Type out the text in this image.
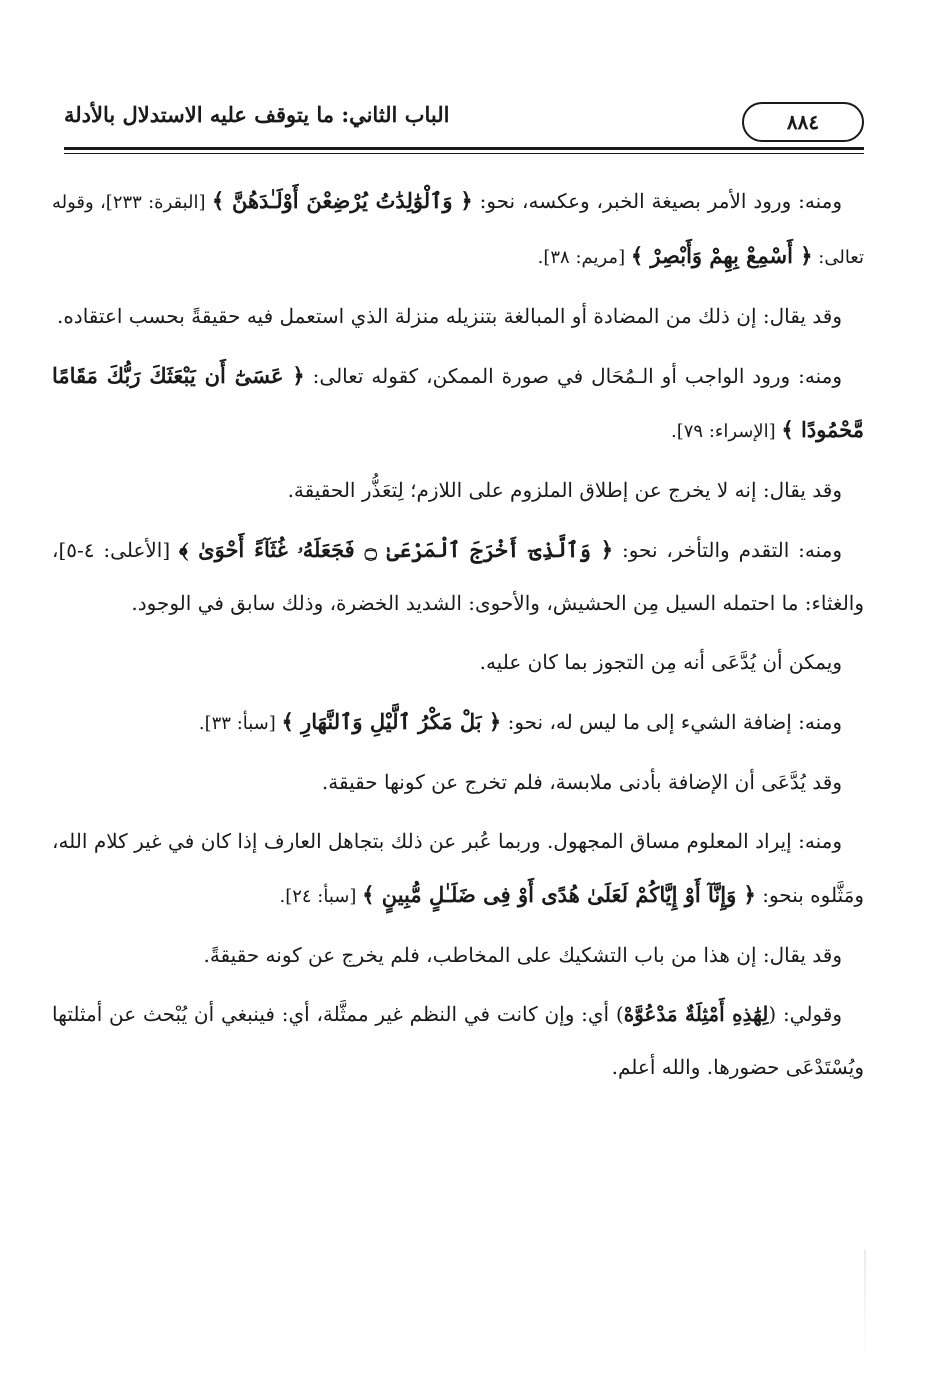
٨٨٤
الباب الثاني: ما يتوقف عليه الاستدلال بالأدلة

ومنه: ورود الأمر بصيغة الخبر، وعكسه، نحو: ﴿ وَٱلْوَٰلِدَٰتُ يُرْضِعْنَ أَوْلَـٰدَهُنَّ ﴾ [البقرة: ٢٣٣]، وقوله تعالى: ﴿ أَسْمِعْ بِهِمْ وَأَبْصِرْ ﴾ [مريم: ٣٨].

وقد يقال: إن ذلك من المضادة أو المبالغة بتنزيله منزلة الذي استعمل فيه حقيقةً بحسب اعتقاده.

ومنه: ورود الواجب أو الـمُحَال في صورة الممكن، كقوله تعالى: ﴿ عَسَىٰٓ أَن يَبْعَثَكَ رَبُّكَ مَقَامًا مَّحْمُودًا ﴾ [الإسراء: ٧٩].

وقد يقال: إنه لا يخرج عن إطلاق الملزوم على اللازم؛ لِتعَذُّر الحقيقة.

ومنه: التقدم والتأخر، نحو: ﴿ وَٱلَّذِىٓ أَخْرَجَ ٱلْمَرْعَىٰ ۝ فَجَعَلَهُۥ غُثَآءً أَحْوَىٰ ﴾ [الأعلى: ٤-٥]، والغثاء: ما احتمله السيل مِن الحشيش، والأحوى: الشديد الخضرة، وذلك سابق في الوجود.

ويمكن أن يُدَّعَى أنه مِن التجوز بما كان عليه.

ومنه: إضافة الشيء إلى ما ليس له، نحو: ﴿ بَلْ مَكْرُ ٱلَّيْلِ وَٱلنَّهَارِ ﴾ [سبأ: ٣٣].

وقد يُدَّعَى أن الإضافة بأدنى ملابسة، فلم تخرج عن كونها حقيقة.

ومنه: إيراد المعلوم مساق المجهول. وربما عُبر عن ذلك بتجاهل العارف إذا كان في غير كلام الله، ومَثَّلوه بنحو: ﴿ وَإِنَّآ أَوْ إِيَّاكُمْ لَعَلَىٰ هُدًى أَوْ فِى ضَلَـٰلٍ مُّبِينٍ ﴾ [سبأ: ٢٤].

وقد يقال: إن هذا من باب التشكيك على المخاطب، فلم يخرج عن كونه حقيقةً.

وقولي: (لِهَٰذِهِ أَمْثِلَةٌ مَدْعُوَّهْ) أي: وإن كانت في النظم غير ممثَّلة، أي: فينبغي أن يُبْحث عن أمثلتها ويُسْتَدْعَى حضورها. والله أعلم.
